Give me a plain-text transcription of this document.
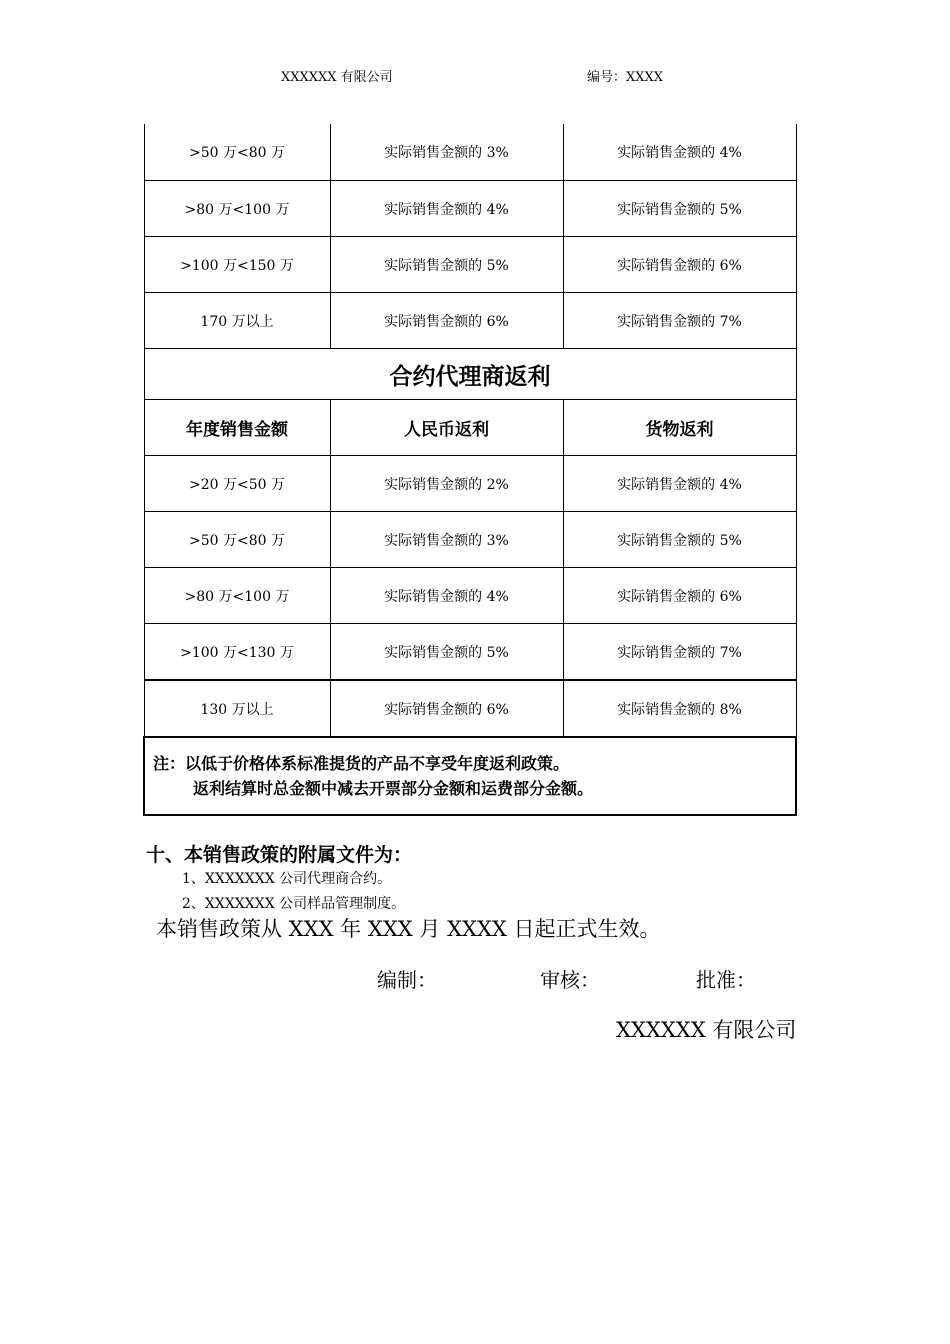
XXXXXX 有限公司	编号：XXXX
>50 万<80 万	实际销售金额的 3%	实际销售金额的 4%
>80 万<100 万	实际销售金额的 4%	实际销售金额的 5%
>100 万<150 万	实际销售金额的 5%	实际销售金额的 6%
170 万以上	实际销售金额的 6%	实际销售金额的 7%
合约代理商返利		
年度销售金额	人民币返利	货物返利
>20 万<50 万	实际销售金额的 2%	实际销售金额的 4%
>50 万<80 万	实际销售金额的 3%	实际销售金额的 5%
>80 万<100 万	实际销售金额的 4%	实际销售金额的 6%
>100 万<130 万	实际销售金额的 5%	实际销售金额的 7%
130 万以上	实际销售金额的 6%	实际销售金额的 8%
注：以低于价格体系标准提货的产品不享受年度返利政策。
返利结算时总金额中减去开票部分金额和运费部分金额。		
十、本销售政策的附属文件为：
1、XXXXXXX 公司代理商合约。
2、XXXXXXX 公司样品管理制度。
本销售政策从 XXX 年 XXX 月 XXXX 日起正式生效。
编制：	审核：	批准：
XXXXXX 有限公司
